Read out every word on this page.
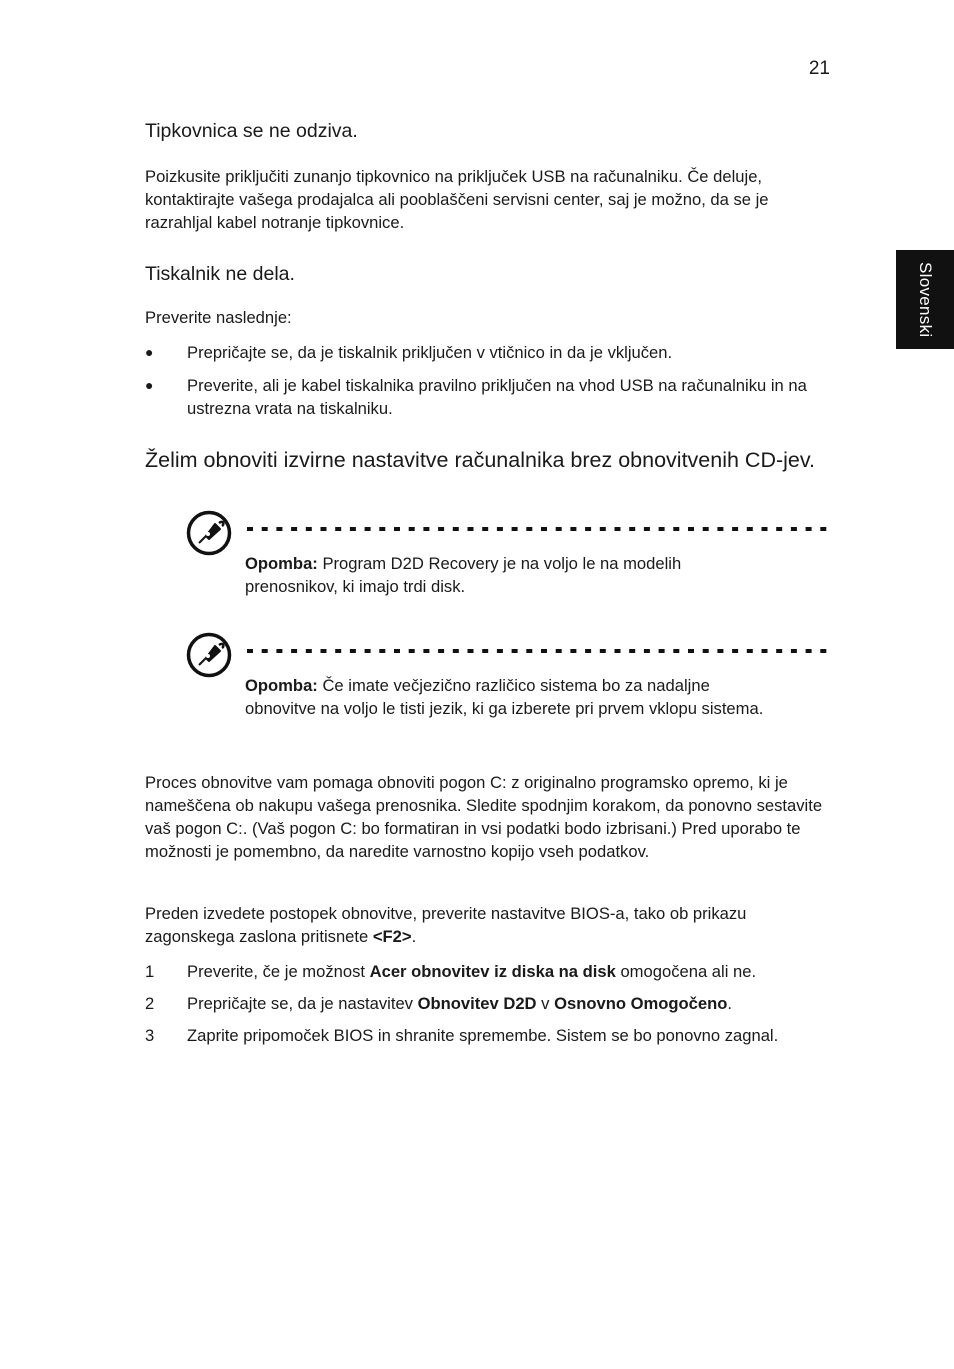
21
Slovenski
Tipkovnica se ne odziva.

Poizkusite priključiti zunanjo tipkovnico na priključek USB na računalniku. Če deluje, kontaktirajte vašega prodajalca ali pooblaščeni servisni center, saj je možno, da se je razrahljal kabel notranje tipkovnice.

Tiskalnik ne dela.

Preverite naslednje:

● Prepričajte se, da je tiskalnik priključen v vtičnico in da je vključen.
● Preverite, ali je kabel tiskalnika pravilno priključen na vhod USB na računalniku in na ustrezna vrata na tiskalniku.
Želim obnoviti izvirne nastavitve računalnika brez obnovitvenih CD-jev.
Opomba: Program D2D Recovery je na voljo le na modelih prenosnikov, ki imajo trdi disk.
Opomba: Če imate večjezično različico sistema bo za nadaljne obnovitve na voljo le tisti jezik, ki ga izberete pri prvem vklopu sistema.

Proces obnovitve vam pomaga obnoviti pogon C: z originalno programsko opremo, ki je nameščena ob nakupu vašega prenosnika. Sledite spodnjim korakom, da ponovno sestavite vaš pogon C:. (Vaš pogon C: bo formatiran in vsi podatki bodo izbrisani.) Pred uporabo te možnosti je pomembno, da naredite varnostno kopijo vseh podatkov.

Preden izvedete postopek obnovitve, preverite nastavitve BIOS-a, tako ob prikazu zagonskega zaslona pritisnete <F2>.

1 Preverite, če je možnost Acer obnovitev iz diska na disk omogočena ali ne.
2 Prepričajte se, da je nastavitev Obnovitev D2D v Osnovno Omogočeno.
3 Zaprite pripomoček BIOS in shranite spremembe. Sistem se bo ponovno zagnal.
